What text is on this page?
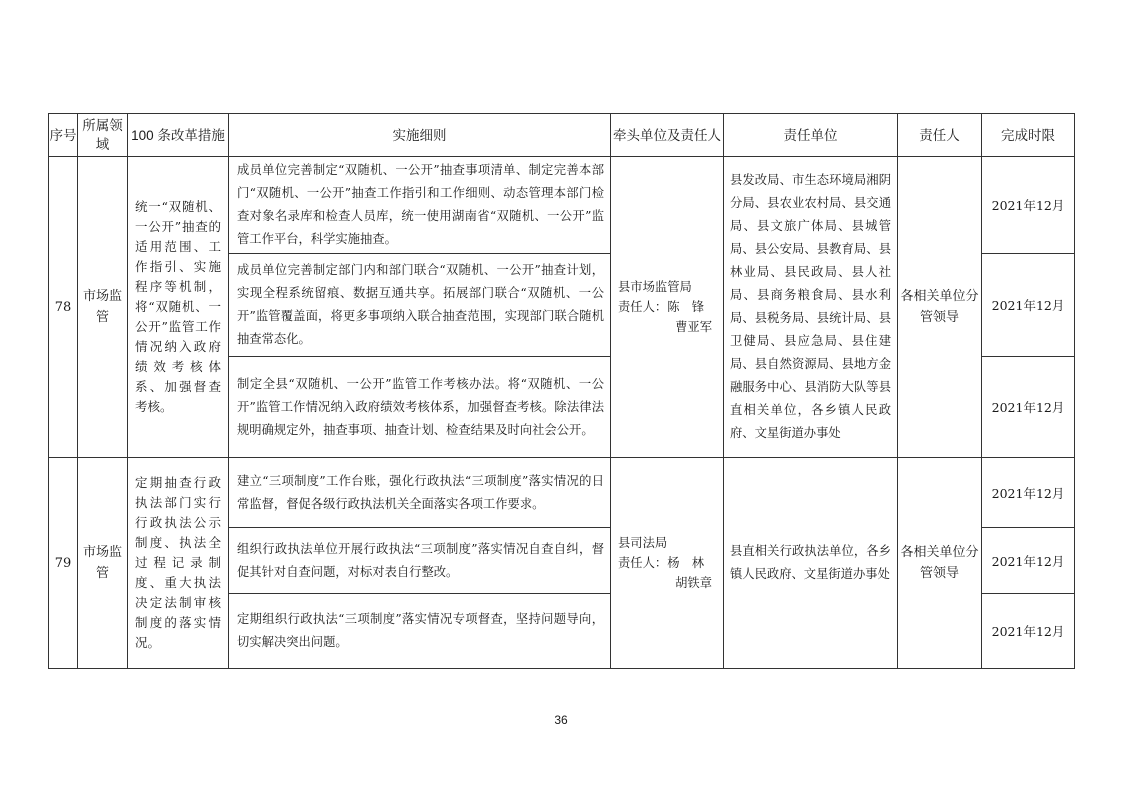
序号	所属领域	100 条改革措施	实施细则	牵头单位及责任人	责任单位	责任人	完成时限
78	市场监管	统一“双随机、一公开”抽查的适用范围、工作指引、实施程序等机制，将“双随机、一公开”监管工作情况纳入政府绩效考核体系、加强督查考核。	成员单位完善制定“双随机、一公开”抽查事项清单、制定完善本部门“双随机、一公开”抽查工作指引和工作细则、动态管理本部门检查对象名录库和检查人员库，统一使用湖南省“双随机、一公开”监管工作平台，科学实施抽查。	县市场监管局
责任人：陈　锋
曹亚军	县发改局、市生态环境局湘阴分局、县农业农村局、县交通局、县文旅广体局、县城管局、县公安局、县教育局、县林业局、县民政局、县人社局、县商务粮食局、县水利局、县税务局、县统计局、县卫健局、县应急局、县住建局、县自然资源局、县地方金融服务中心、县消防大队等县直相关单位，各乡镇人民政府、文星街道办事处	各相关单位分管领导	2021年12月
			成员单位完善制定部门内和部门联合“双随机、一公开”抽查计划，实现全程系统留痕、数据互通共享。拓展部门联合“双随机、一公开”监管覆盖面，将更多事项纳入联合抽查范围，实现部门联合随机抽查常态化。				2021年12月
			制定全县“双随机、一公开”监管工作考核办法。将“双随机、一公开”监管工作情况纳入政府绩效考核体系，加强督查考核。除法律法规明确规定外，抽查事项、抽查计划、检查结果及时向社会公开。				2021年12月
79	市场监管	定期抽查行政执法部门实行行政执法公示制度、执法全过程记录制度、重大执法决定法制审核制度的落实情况。	建立“三项制度”工作台账，强化行政执法“三项制度”落实情况的日常监督，督促各级行政执法机关全面落实各项工作要求。	县司法局
责任人：杨　林
胡铁章	县直相关行政执法单位，各乡镇人民政府、文星街道办事处	各相关单位分管领导	2021年12月
			组织行政执法单位开展行政执法“三项制度”落实情况自查自纠，督促其针对自查问题，对标对表自行整改。				2021年12月
			定期组织行政执法“三项制度”落实情况专项督查，坚持问题导向，切实解决突出问题。				2021年12月
36
